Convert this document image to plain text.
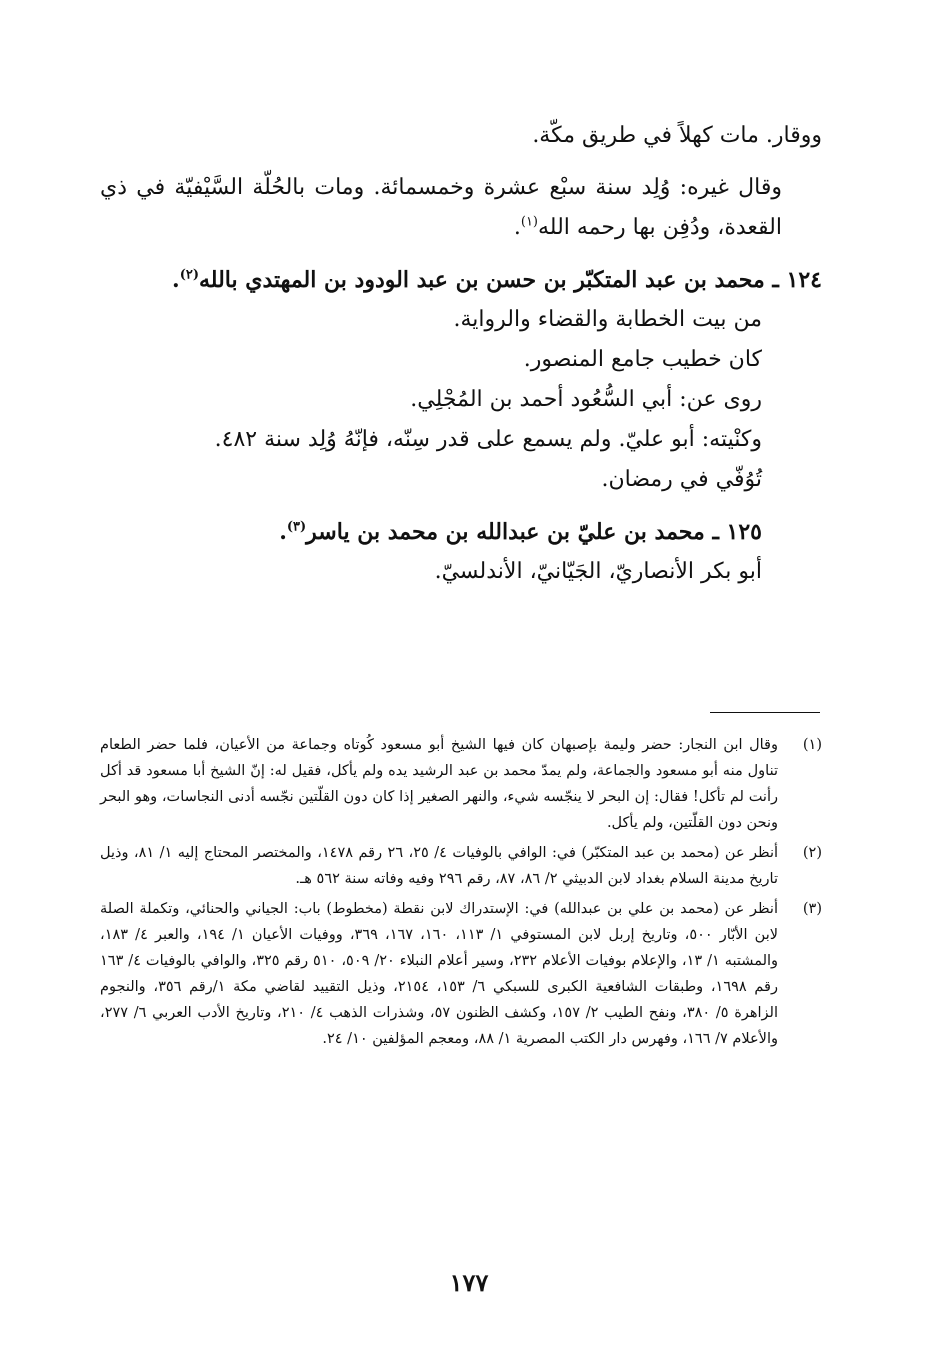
ووقار. مات كهلاً في طريق مكّة.
وقال غيره: وُلِد سنة سبْع عشرة وخمسمائة. ومات بالحُلّة السَّيْفيّة في ذي القعدة، ودُفِن بها رحمه الله$^{(١)}$.
١٢٤ ـ محمد بن عبد المتكبّر بن حسن بن عبد الودود بن المهتدي بالله$^{(٢)}$.
من بيت الخطابة والقضاء والرواية.
كان خطيب جامع المنصور.
روى عن: أبي السُّعُود أحمد بن المُجْلِي.
وكنْيته: أبو عليّ. ولم يسمع على قدر سِنّه، فإنّهُ وُلِد سنة ٤٨٢.
تُوُفّي في رمضان.
١٢٥ ـ محمد بن عليّ بن عبدالله بن محمد بن ياسر$^{(٣)}$.
أبو بكر الأنصاريّ، الجَيّانيّ، الأندلسيّ.
(١)
وقال ابن النجار: حضر وليمة بإصبهان كان فيها الشيخ أبو مسعود كُوتاه وجماعة من الأعيان، فلما حضر الطعام تناول منه أبو مسعود والجماعة، ولم يمدّ محمد بن عبد الرشيد يده ولم يأكل، فقيل له: إنّ الشيخ أبا مسعود قد أكل رأنت لم تأكل! فقال: إن البحر لا ينجّسه شيء، والنهر الصغير إذا كان دون القلّتين نجّسه أدنى النجاسات، وهو البحر ونحن دون القلّتين، ولم يأكل.
(٢)
أنظر عن (محمد بن عبد المتكبّر) في: الوافي بالوفيات ٤/ ٢٥، ٢٦ رقم ١٤٧٨، والمختصر المحتاج إليه ١/ ٨١، وذيل تاريخ مدينة السلام بغداد لابن الدبيثي ٢/ ٨٦، ٨٧، رقم ٢٩٦ وفيه وفاته سنة ٥٦٢ هـ.
(٣)
أنظر عن (محمد بن علي بن عبدالله) في: الإستدراك لابن نقطة (مخطوط) باب: الجياني والحنائي، وتكملة الصلة لابن الأبّار ٥٠٠، وتاريخ إربل لابن المستوفي ١/ ١١٣، ١٦٠، ١٦٧، ٣٦٩، ووفيات الأعيان ١/ ١٩٤، والعبر ٤/ ١٨٣، والمشتبه ١/ ١٣، والإعلام بوفيات الأعلام ٢٣٢، وسير أعلام النبلاء ٢٠/ ٥٠٩، ٥١٠ رقم ٣٢٥، والوافي بالوفيات ٤/ ١٦٣ رقم ١٦٩٨، وطبقات الشافعية الكبرى للسبكي ٦/ ١٥٣، ٢١٥٤، وذيل التقييد لقاضي مكة ١/رقم ٣٥٦، والنجوم الزاهرة ٥/ ٣٨٠، ونفح الطيب ٢/ ١٥٧، وكشف الظنون ٥٧، وشذرات الذهب ٤/ ٢١٠، وتاريخ الأدب العربي ٦/ ٢٧٧، والأعلام ٧/ ١٦٦، وفهرس دار الكتب المصرية ١/ ٨٨، ومعجم المؤلفين ١٠/ ٢٤.
١٧٧
